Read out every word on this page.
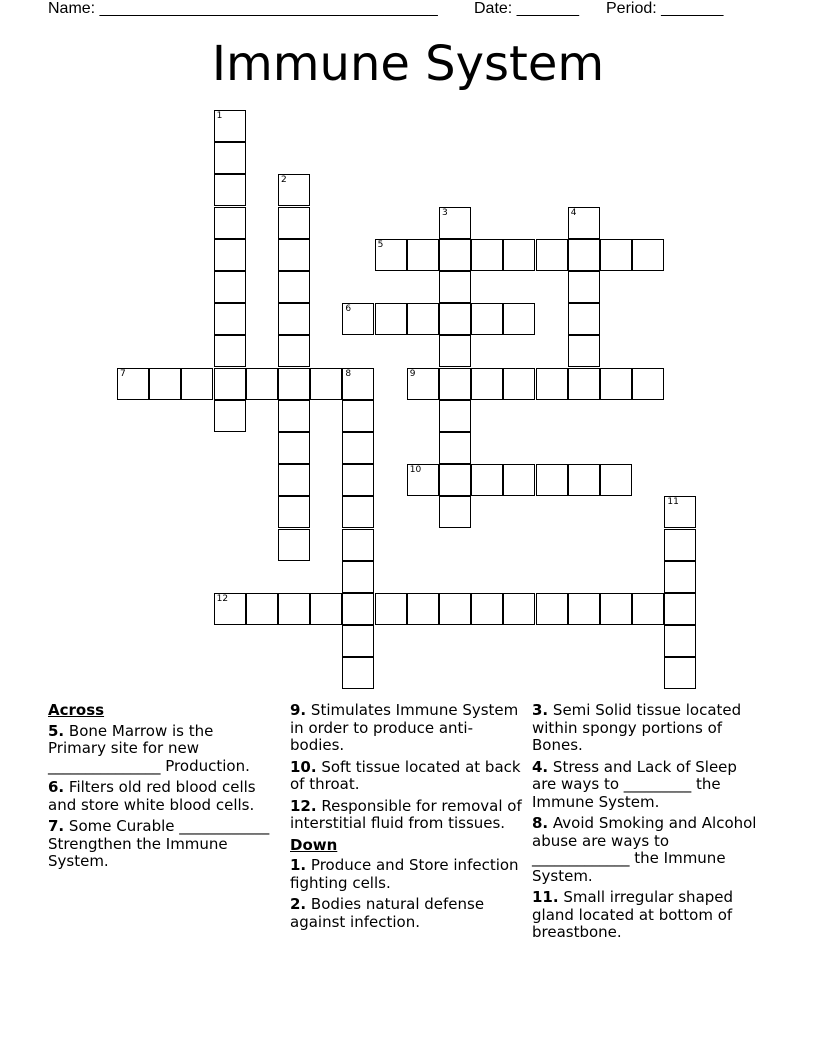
Name: ______________________________________ Date: _______ Period: _______
Immune System
1
2
3	4
5
6
7	8	9
10
11
12
Across
5. Bone Marrow is the Primary site for new _______________ Production.
6. Filters old red blood cells and store white blood cells.
7. Some Curable ____________ Strengthen the Immune System.
9. Stimulates Immune System in order to produce anti-bodies.
10. Soft tissue located at back of throat.
12. Responsible for removal of interstitial fluid from tissues.
Down
1. Produce and Store infection fighting cells.
2. Bodies natural defense against infection.
3. Semi Solid tissue located within spongy portions of Bones.
4. Stress and Lack of Sleep are ways to _________ the Immune System.
8. Avoid Smoking and Alcohol abuse are ways to _____________ the Immune System.
11. Small irregular shaped gland located at bottom of breastbone.
